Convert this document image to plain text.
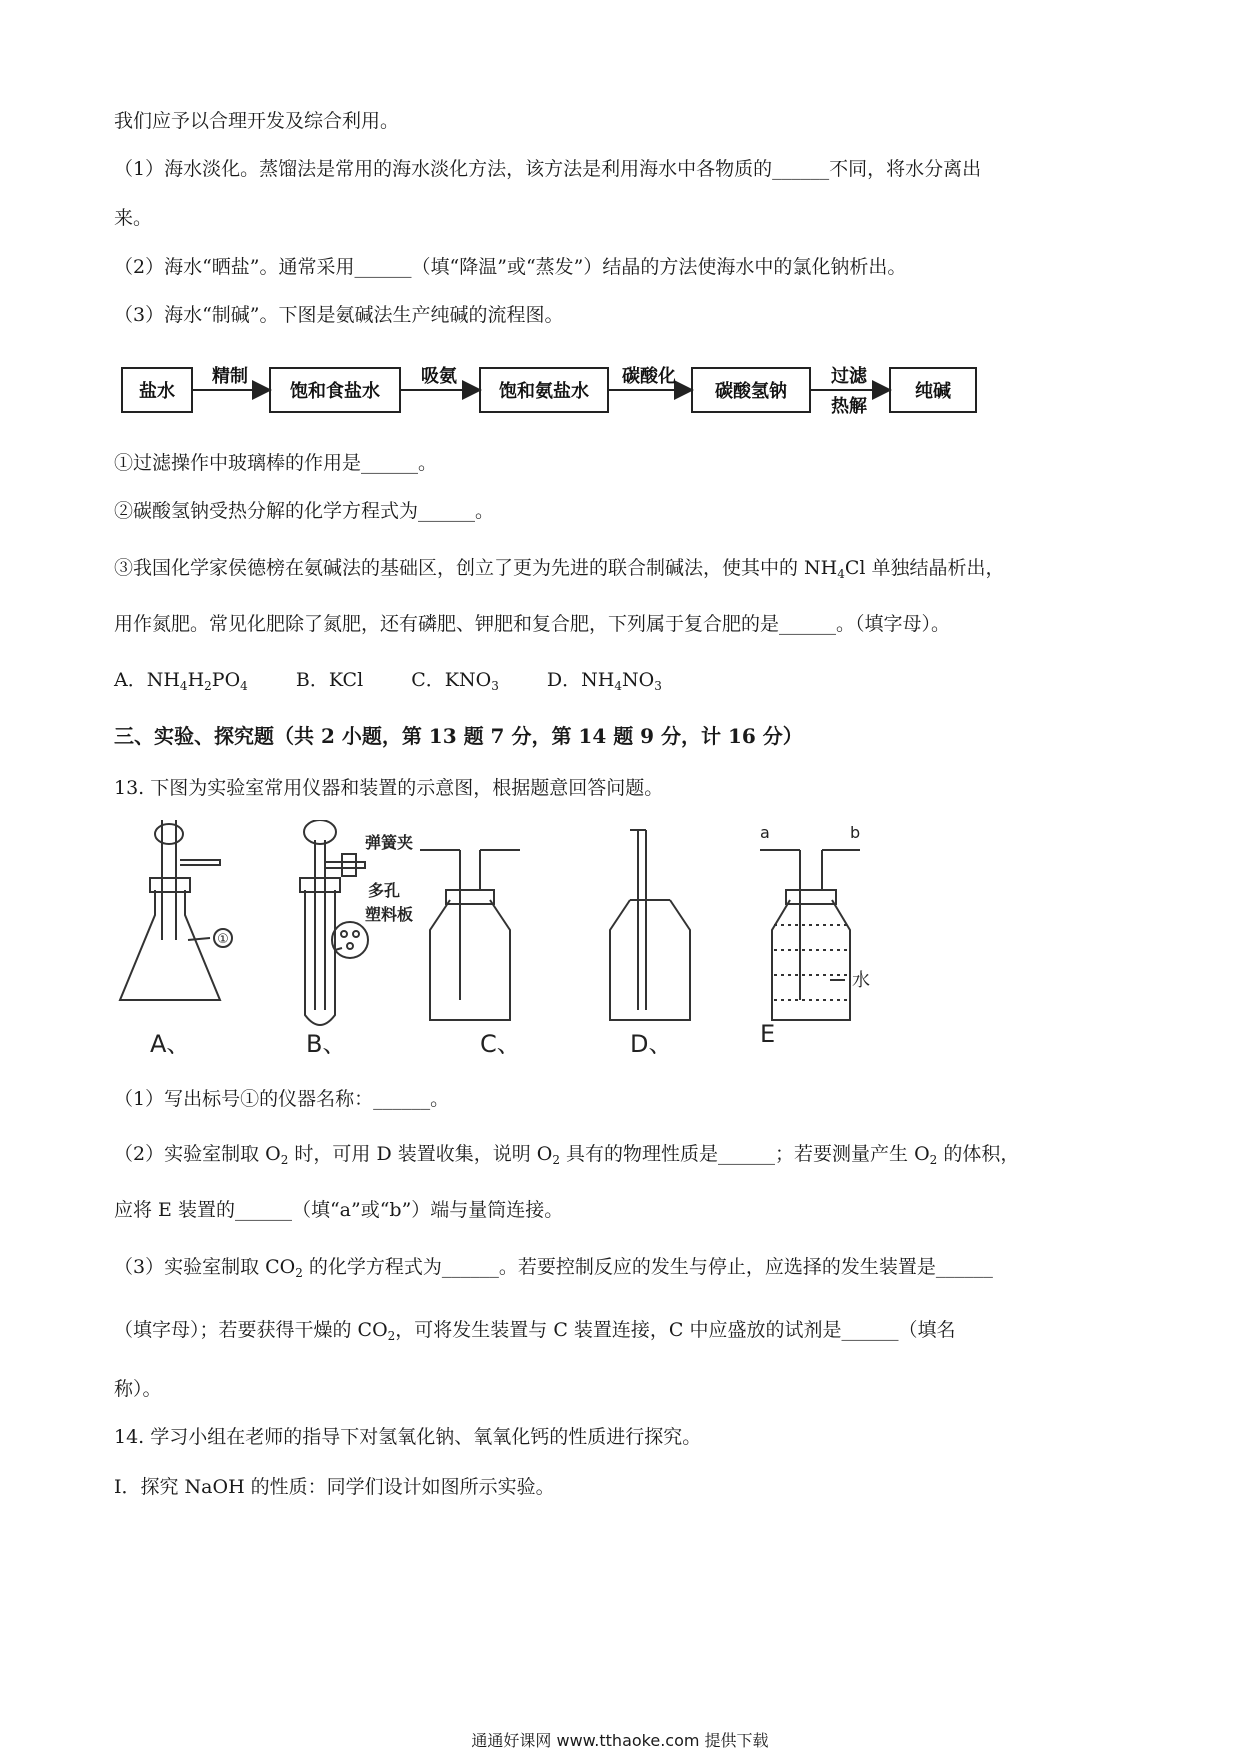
我们应予以合理开发及综合利用。
（1）海水淡化。蒸馏法是常用的海水淡化方法，该方法是利用海水中各物质的______不同，将水分离出
来。
（2）海水“晒盐”。通常采用______（填“降温”或“蒸发”）结晶的方法使海水中的氯化钠析出。
（3）海水“制碱”。下图是氨碱法生产纯碱的流程图。
盐水	饱和食盐水	饱和氨盐水	碳酸氢钠	纯碱
精制	吸氨	碳酸化	过滤
热解
①过滤操作中玻璃棒的作用是______。
②碳酸氢钠受热分解的化学方程式为______。
③我国化学家侯德榜在氨碱法的基础区，创立了更为先进的联合制碱法，使其中的 $NH_4Cl$ 单独结晶析出，
用作氮肥。常见化肥除了氮肥，还有磷肥、钾肥和复合肥，下列属于复合肥的是______。（填字母）。
A．$NH_4H_2PO_4$	B．KCl	C．$KNO_3$	D．$NH_4NO_3$
三、实验、探究题（共 2 小题，第 13 题 7 分，第 14 题 9 分，计 16 分）
13. 下图为实验室常用仪器和装置的示意图，根据题意回答问题。
①
弹簧夹
多孔
塑料板
a	b
水
A、	B、	C、	D、	E
（1）写出标号①的仪器名称：______。
（2）实验室制取 $O_2$ 时，可用 D 装置收集，说明 $O_2$ 具有的物理性质是______；若要测量产生 $O_2$ 的体积，
应将 E 装置的______（填“a”或“b”）端与量筒连接。
（3）实验室制取 $CO_2$ 的化学方程式为______。若要控制反应的发生与停止，应选择的发生装置是______
（填字母）；若要获得干燥的 $CO_2$，可将发生装置与 C 装置连接，C 中应盛放的试剂是______（填名
称）。
14. 学习小组在老师的指导下对氢氧化钠、氧氧化钙的性质进行探究。
I．探究 NaOH 的性质：同学们设计如图所示实验。
通通好课网 www.tthaoke.com 提供下载
